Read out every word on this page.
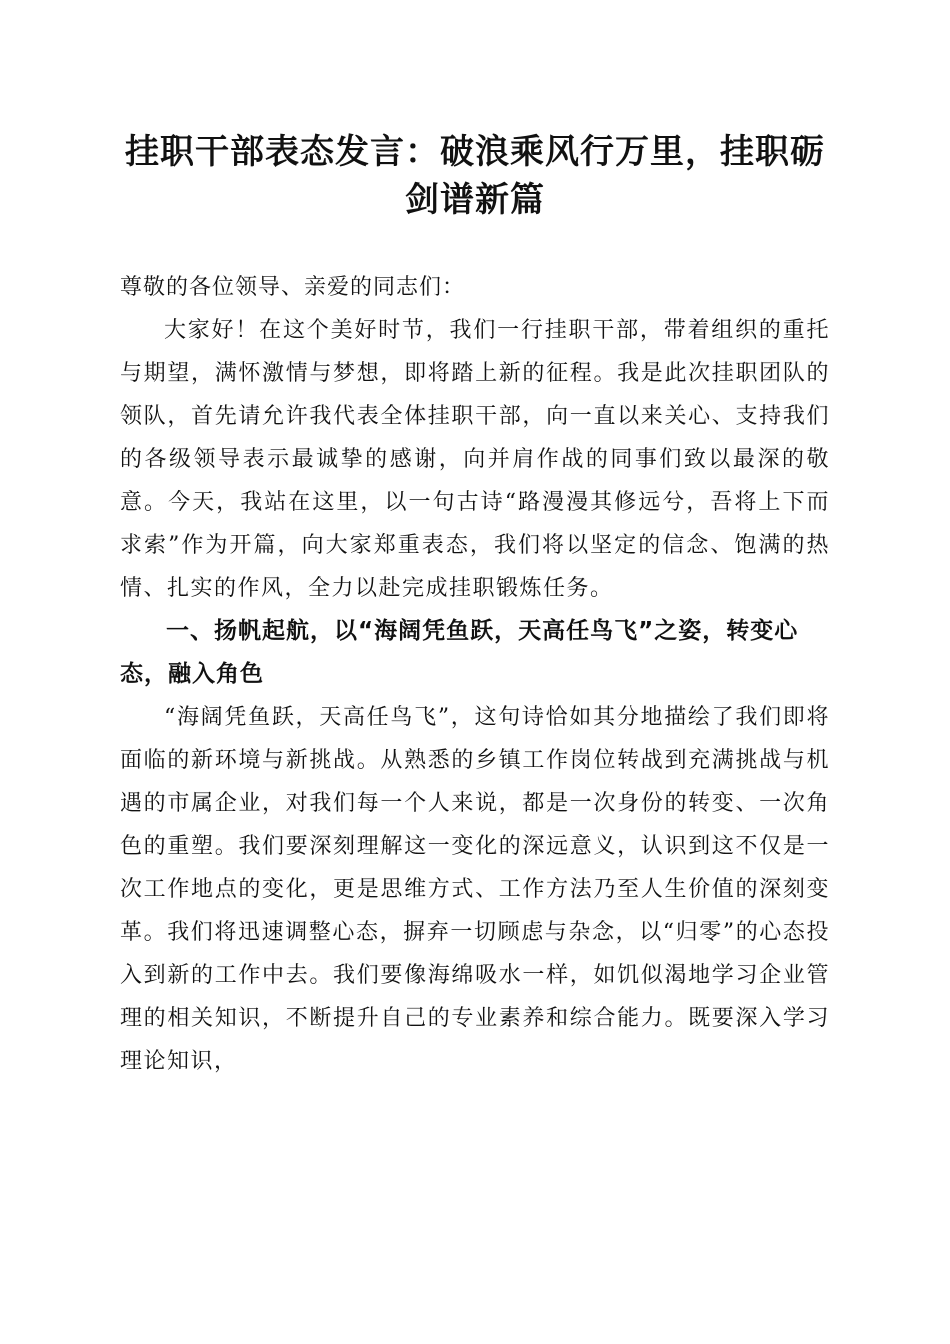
挂职干部表态发言：破浪乘风行万里，挂职砺剑谱新篇

尊敬的各位领导、亲爱的同志们：

大家好！在这个美好时节，我们一行挂职干部，带着组织的重托与期望，满怀激情与梦想，即将踏上新的征程。我是此次挂职团队的领队，首先请允许我代表全体挂职干部，向一直以来关心、支持我们的各级领导表示最诚挚的感谢，向并肩作战的同事们致以最深的敬意。今天，我站在这里，以一句古诗“路漫漫其修远兮，吾将上下而求索”作为开篇，向大家郑重表态，我们将以坚定的信念、饱满的热情、扎实的作风，全力以赴完成挂职锻炼任务。

一、扬帆起航，以“海阔凭鱼跃，天高任鸟飞”之姿，转变心态，融入角色

“海阔凭鱼跃，天高任鸟飞”，这句诗恰如其分地描绘了我们即将面临的新环境与新挑战。从熟悉的乡镇工作岗位转战到充满挑战与机遇的市属企业，对我们每一个人来说，都是一次身份的转变、一次角色的重塑。我们要深刻理解这一变化的深远意义，认识到这不仅是一次工作地点的变化，更是思维方式、工作方法乃至人生价值的深刻变革。我们将迅速调整心态，摒弃一切顾虑与杂念，以“归零”的心态投入到新的工作中去。我们要像海绵吸水一样，如饥似渴地学习企业管理的相关知识，不断提升自己的专业素养和综合能力。既要深入学习理论知识，
